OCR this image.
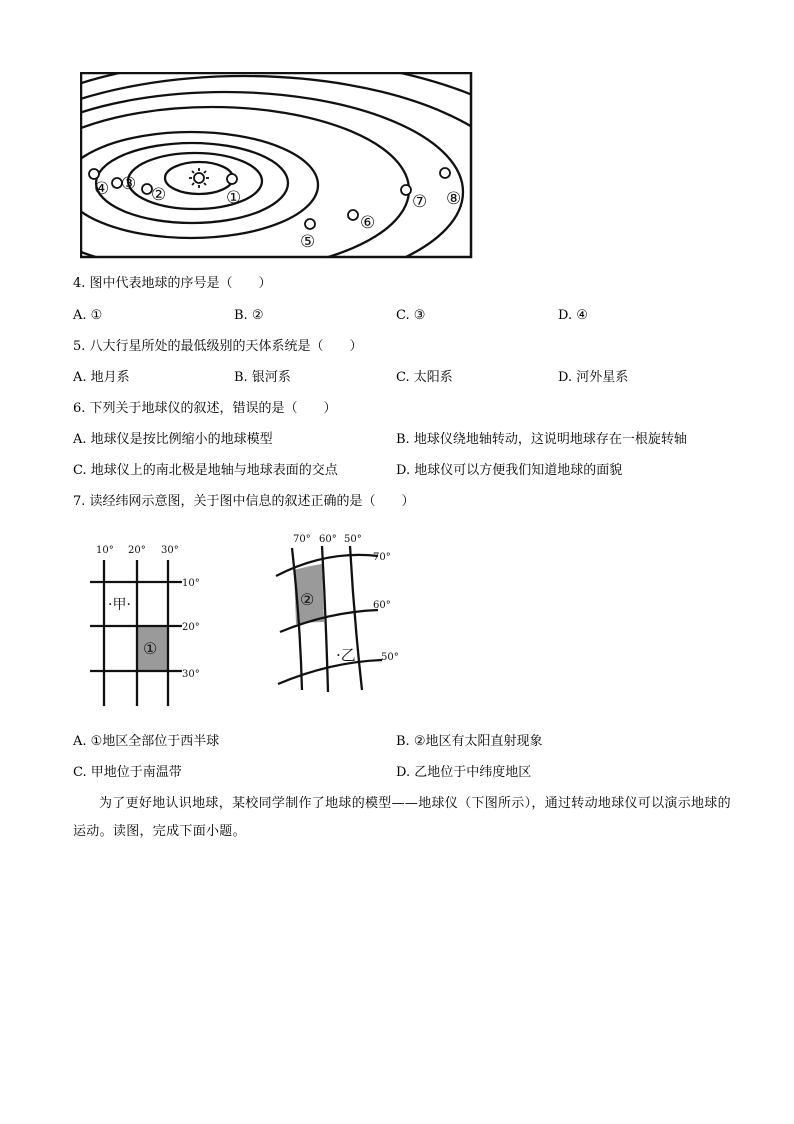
①
②
③
④
⑤
⑥
⑦ ⑧
4. 图中代表地球的序号是（　　）
A. ①	B. ②	C. ③	D. ④
5. 八大行星所处的最低级别的天体系统是（　　）
A. 地月系	B. 银河系	C. 太阳系	D. 河外星系
6. 下列关于地球仪的叙述，错误的是（　　）
A. 地球仪是按比例缩小的地球模型	B. 地球仪绕地轴转动，这说明地球存在一根旋转轴
C. 地球仪上的南北极是地轴与地球表面的交点	D. 地球仪可以方便我们知道地球的面貌
7. 读经纬网示意图，关于图中信息的叙述正确的是（　　）
10° 20° 30°
10°
20°
30°
①
·甲·
70° 60° 50°
70°
60°
50°
②
·乙
A. ①地区全部位于西半球	B. ②地区有太阳直射现象
C. 甲地位于南温带	D. 乙地位于中纬度地区
为了更好地认识地球，某校同学制作了地球的模型——地球仪（下图所示），通过转动地球仪可以演示地球的运动。读图，完成下面小题。
